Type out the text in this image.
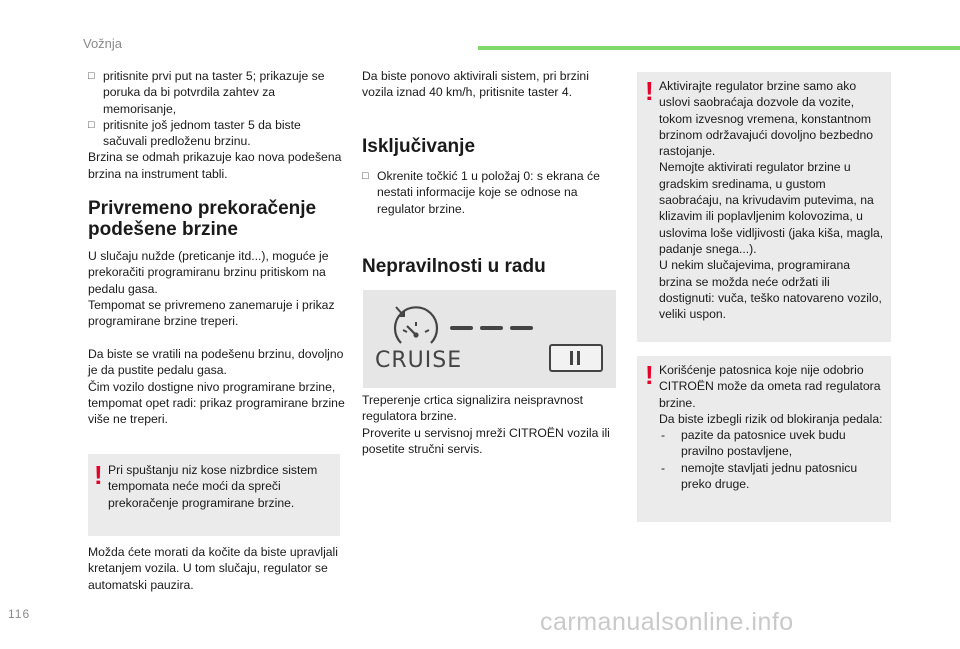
Vožnja
□ pritisnite prvi put na taster 5; prikazuje se poruka da bi potvrdila zahtev za memorisanje,
□ pritisnite još jednom taster 5 da biste sačuvali predloženu brzinu.

Brzina se odmah prikazuje kao nova podešena brzina na instrument tabli.

Privremeno prekoračenje
podešene brzine

U slučaju nužde (preticanje itd...), moguće je prekoračiti programiranu brzinu pritiskom na pedalu gasa.

Tempomat se privremeno zanemaruje i prikaz programirane brzine treperi.

Da biste se vratili na podešenu brzinu, dovoljno je da pustite pedalu gasa.

Čim vozilo dostigne nivo programirane brzine, tempomat opet radi: prikaz programirane brzine više ne treperi.

! Pri spuštanju niz kose nizbrdice sistem tempomata neće moći da spreči prekoračenje programirane brzine.

Možda ćete morati da kočite da biste upravljali kretanjem vozila. U tom slučaju, regulator se automatski pauzira.

Da biste ponovo aktivirali sistem, pri brzini vozila iznad 40 km/h, pritisnite taster 4.

Isključivanje
□ Okrenite točkić 1 u položaj 0: s ekrana će nestati informacije koje se odnose na regulator brzine.
Nepravilnosti u radu
CRUISE

Treperenje crtica signalizira neispravnost regulatora brzine.

Proverite u servisnoj mreži CITROËN vozila ili posetite stručni servis.

! Aktivirajte regulator brzine samo ako uslovi saobraćaja dozvole da vozite, tokom izvesnog vremena, konstantnom brzinom održavajući dovoljno bezbedno rastojanje.

Nemojte aktivirati regulator brzine u gradskim sredinama, u gustom saobraćaju, na krivudavim putevima, na klizavim ili poplavljenim kolovozima, u uslovima loše vidljivosti (jaka kiša, magla, padanje snega...).

U nekim slučajevima, programirana brzina se možda neće održati ili dostignuti: vuča, teško natovareno vozilo, veliki uspon.

! Korišćenje patosnica koje nije odobrio CITROËN može da ometa rad regulatora brzine.

Da biste izbegli rizik od blokiranja pedala:

- pazite da patosnice uvek budu pravilno postavljene,
- nemojte stavljati jednu patosnicu preko druge.
116	carmanualsonline.info
